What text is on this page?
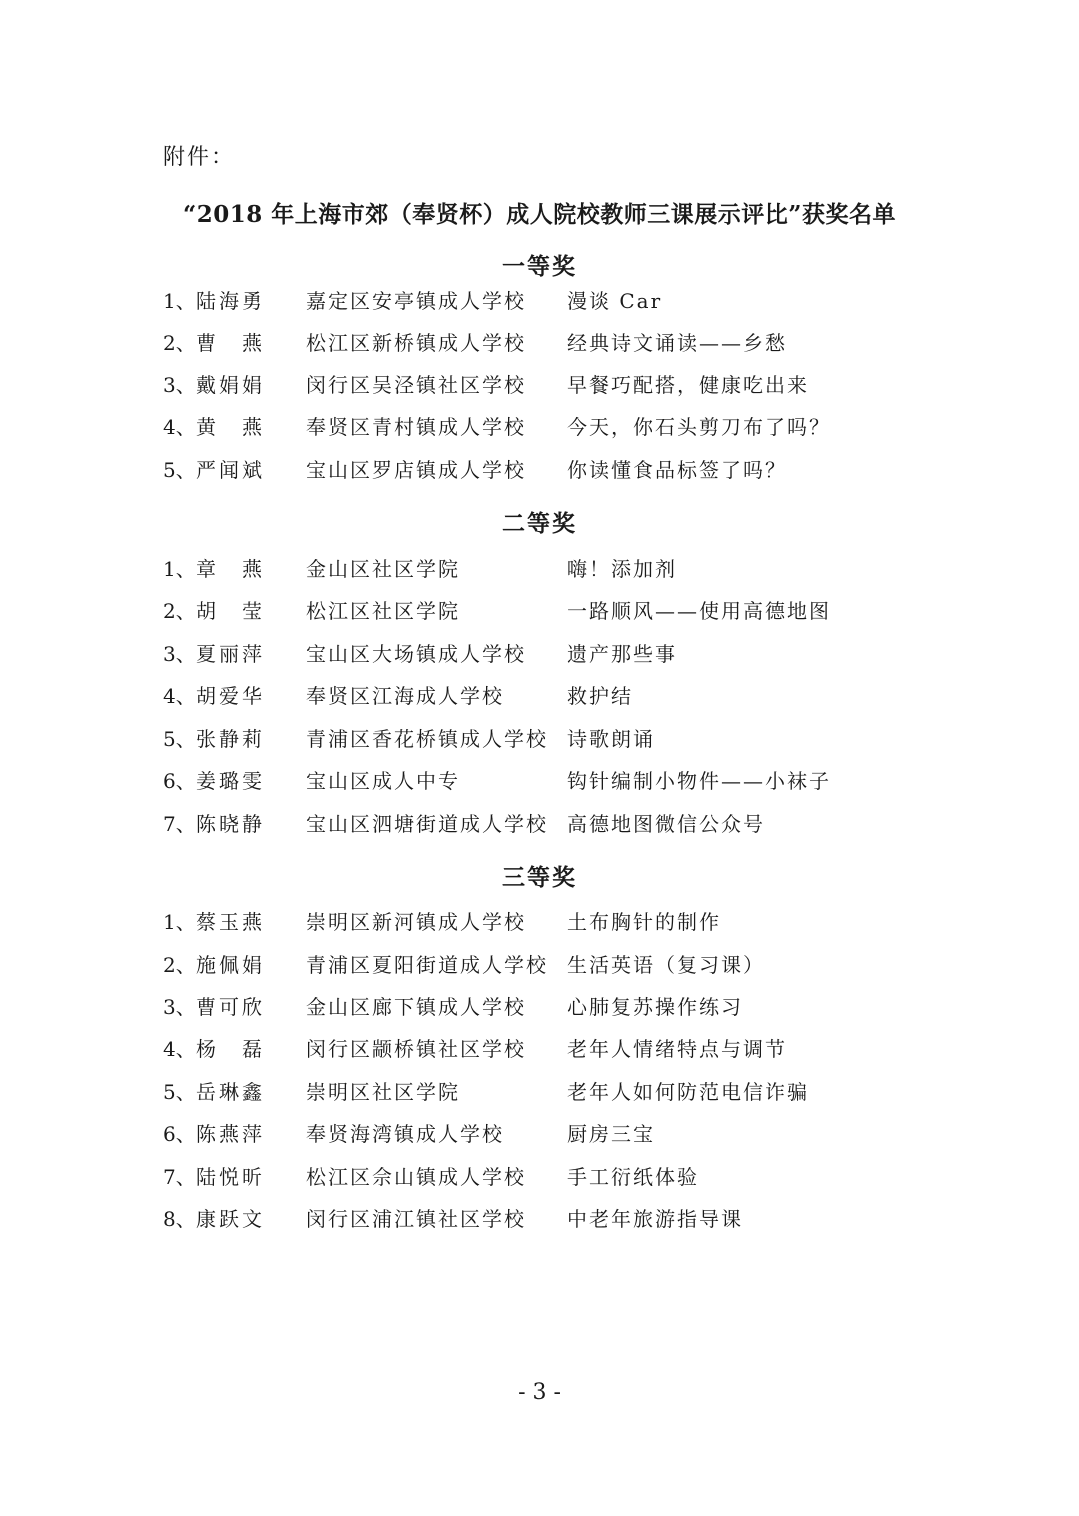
附件：
“2018 年上海市郊（奉贤杯）成人院校教师三课展示评比”获奖名单
一等奖
1、 陆海勇 嘉定区安亭镇成人学校 漫谈 Car
2、 曹　燕 松江区新桥镇成人学校 经典诗文诵读——乡愁
3、 戴娟娟 闵行区吴泾镇社区学校 早餐巧配搭，健康吃出来
4、 黄　燕 奉贤区青村镇成人学校 今天，你石头剪刀布了吗？
5、 严闻斌 宝山区罗店镇成人学校 你读懂食品标签了吗？
二等奖
1、 章　燕 金山区社区学院	嗨！添加剂
2、 胡　莹 松江区社区学院	一路顺风——使用高德地图
3、 夏丽萍 宝山区大场镇成人学校 遗产那些事
4、 胡爱华 奉贤区江海成人学校	救护结
5、 张静莉 青浦区香花桥镇成人学校 诗歌朗诵
6、 姜璐雯 宝山区成人中专	钩针编制小物件——小袜子
7、 陈晓静 宝山区泗塘街道成人学校 高德地图微信公众号
三等奖
1、 蔡玉燕 崇明区新河镇成人学校 土布胸针的制作
2、 施佩娟 青浦区夏阳街道成人学校 生活英语（复习课）
3、 曹可欣 金山区廊下镇成人学校 心肺复苏操作练习
4、 杨　磊 闵行区颛桥镇社区学校 老年人情绪特点与调节
5、 岳琳鑫 崇明区社区学院	老年人如何防范电信诈骗
6、 陈燕萍 奉贤海湾镇成人学校	厨房三宝
7、 陆悦昕 松江区佘山镇成人学校 手工衍纸体验
8、 康跃文 闵行区浦江镇社区学校 中老年旅游指导课
- 3 -
